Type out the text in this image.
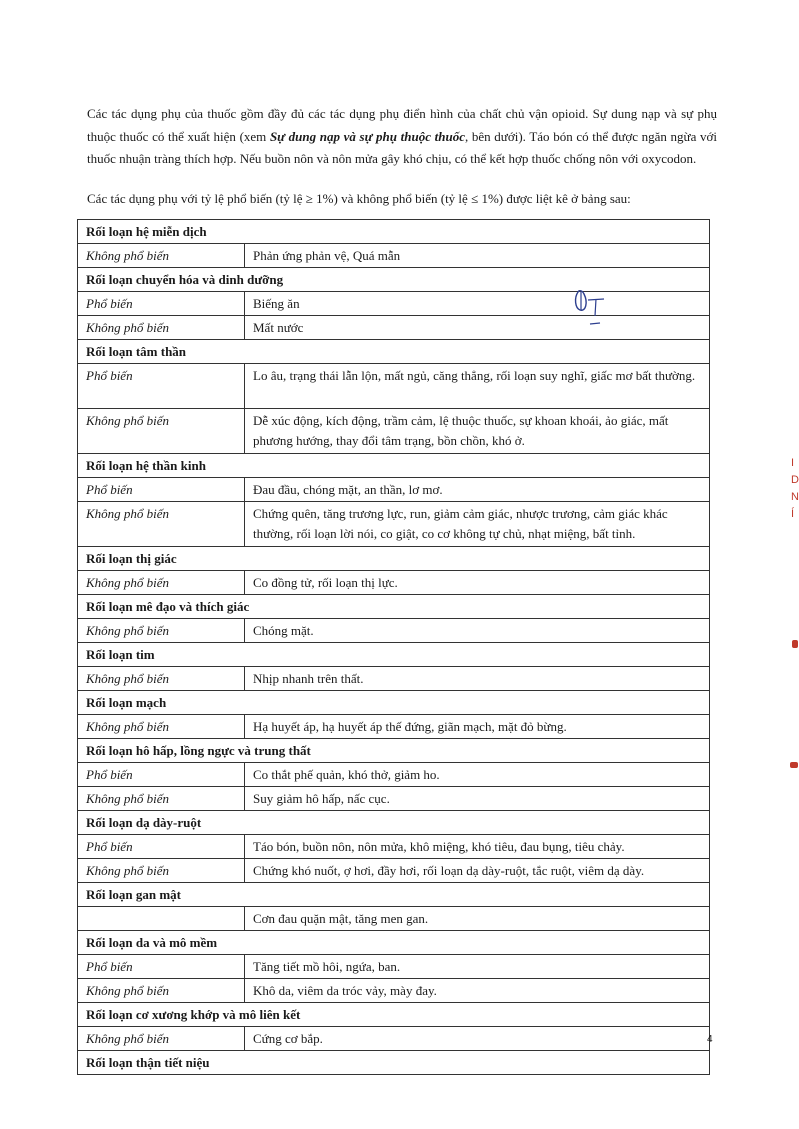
Các tác dụng phụ của thuốc gồm đầy đủ các tác dụng phụ điển hình của chất chủ vận opioid. Sự dung nạp và sự phụ thuộc thuốc có thể xuất hiện (xem Sự dung nạp và sự phụ thuộc thuốc, bên dưới). Táo bón có thể được ngăn ngừa với thuốc nhuận tràng thích hợp. Nếu buồn nôn và nôn mửa gây khó chịu, có thể kết hợp thuốc chống nôn với oxycodon.

Các tác dụng phụ với tỷ lệ phổ biến (tỷ lệ ≥ 1%) và không phổ biến (tỷ lệ ≤ 1%) được liệt kê ở bảng sau:
Rối loạn hệ miễn dịch	
Không phổ biến	Phản ứng phản vệ, Quá mẫn
Rối loạn chuyển hóa và dinh dưỡng	
Phổ biến	Biếng ăn
Không phổ biến	Mất nước
Rối loạn tâm thần	
Phổ biến	Lo âu, trạng thái lẫn lộn, mất ngủ, căng thẳng, rối loạn suy nghĩ, giấc mơ bất thường.
Không phổ biến	Dễ xúc động, kích động, trầm cảm, lệ thuộc thuốc, sự khoan khoái, ảo giác, mất phương hướng, thay đổi tâm trạng, bồn chồn, khó ở.
Rối loạn hệ thần kinh	
Phổ biến	Đau đầu, chóng mặt, an thần, lơ mơ.
Không phổ biến	Chứng quên, tăng trương lực, run, giảm cảm giác, nhược trương, cảm giác khác thường, rối loạn lời nói, co giật, co cơ không tự chủ, nhạt miệng, bất tỉnh.
Rối loạn thị giác	
Không phổ biến	Co đồng tử, rối loạn thị lực.
Rối loạn mê đạo và thích giác	
Không phổ biến	Chóng mặt.
Rối loạn tim	
Không phổ biến	Nhịp nhanh trên thất.
Rối loạn mạch	
Không phổ biến	Hạ huyết áp, hạ huyết áp thế đứng, giãn mạch, mặt đỏ bừng.
Rối loạn hô hấp, lồng ngực và trung thất	
Phổ biến	Co thắt phế quản, khó thở, giảm ho.
Không phổ biến	Suy giảm hô hấp, nấc cục.
Rối loạn dạ dày-ruột	
Phổ biến	Táo bón, buồn nôn, nôn mửa, khô miệng, khó tiêu, đau bụng, tiêu chảy.
Không phổ biến	Chứng khó nuốt, ợ hơi, đầy hơi, rối loạn dạ dày-ruột, tắc ruột, viêm dạ dày.
Rối loạn gan mật	
	Cơn đau quặn mật, tăng men gan.
Rối loạn da và mô mềm	
Phổ biến	Tăng tiết mồ hôi, ngứa, ban.
Không phổ biến	Khô da, viêm da tróc vảy, mày đay.
Rối loạn cơ xương khớp và mô liên kết	
Không phổ biến	Cứng cơ bắp.
Rối loạn thận tiết niệu	
I
D
N
Í
4
